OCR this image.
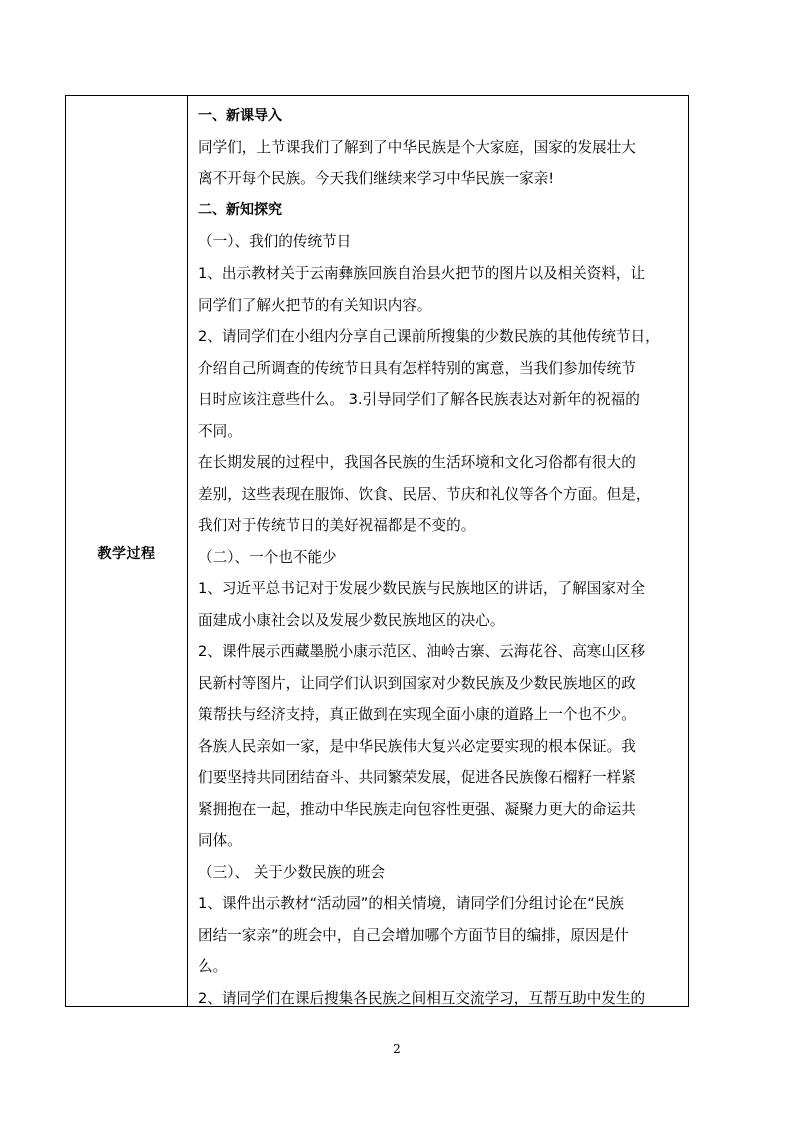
教学过程
一、新课导入
同学们，上节课我们了解到了中华民族是个大家庭，国家的发展壮大
离不开每个民族。今天我们继续来学习中华民族一家亲!
二、新知探究
（一）、我们的传统节日
1、出示教材关于云南彝族回族自治县火把节的图片以及相关资料，让
同学们了解火把节的有关知识内容。
2、请同学们在小组内分享自己课前所搜集的少数民族的其他传统节日，
介绍自己所调查的传统节日具有怎样特别的寓意，当我们参加传统节
日时应该注意些什么。 3.引导同学们了解各民族表达对新年的祝福的
不同。
在长期发展的过程中，我国各民族的生活环境和文化习俗都有很大的
差别，这些表现在服饰、饮食、民居、节庆和礼仪等各个方面。但是，
我们对于传统节日的美好祝福都是不变的。
（二）、一个也不能少
1、习近平总书记对于发展少数民族与民族地区的讲话，了解国家对全
面建成小康社会以及发展少数民族地区的决心。
2、课件展示西藏墨脱小康示范区、油岭古寨、云海花谷、高寒山区移
民新村等图片，让同学们认识到国家对少数民族及少数民族地区的政
策帮扶与经济支持，真正做到在实现全面小康的道路上一个也不少。
各族人民亲如一家，是中华民族伟大复兴必定要实现的根本保证。我
们要坚持共同团结奋斗、共同繁荣发展，促进各民族像石榴籽一样紧
紧拥抱在一起，推动中华民族走向包容性更强、凝聚力更大的命运共
同体。
（三）、 关于少数民族的班会
1、课件出示教材“活动园”的相关情境，请同学们分组讨论在“民族
团结一家亲”的班会中，自己会增加哪个方面节目的编排，原因是什
么。
2、请同学们在课后搜集各民族之间相互交流学习，互帮互助中发生的
2
